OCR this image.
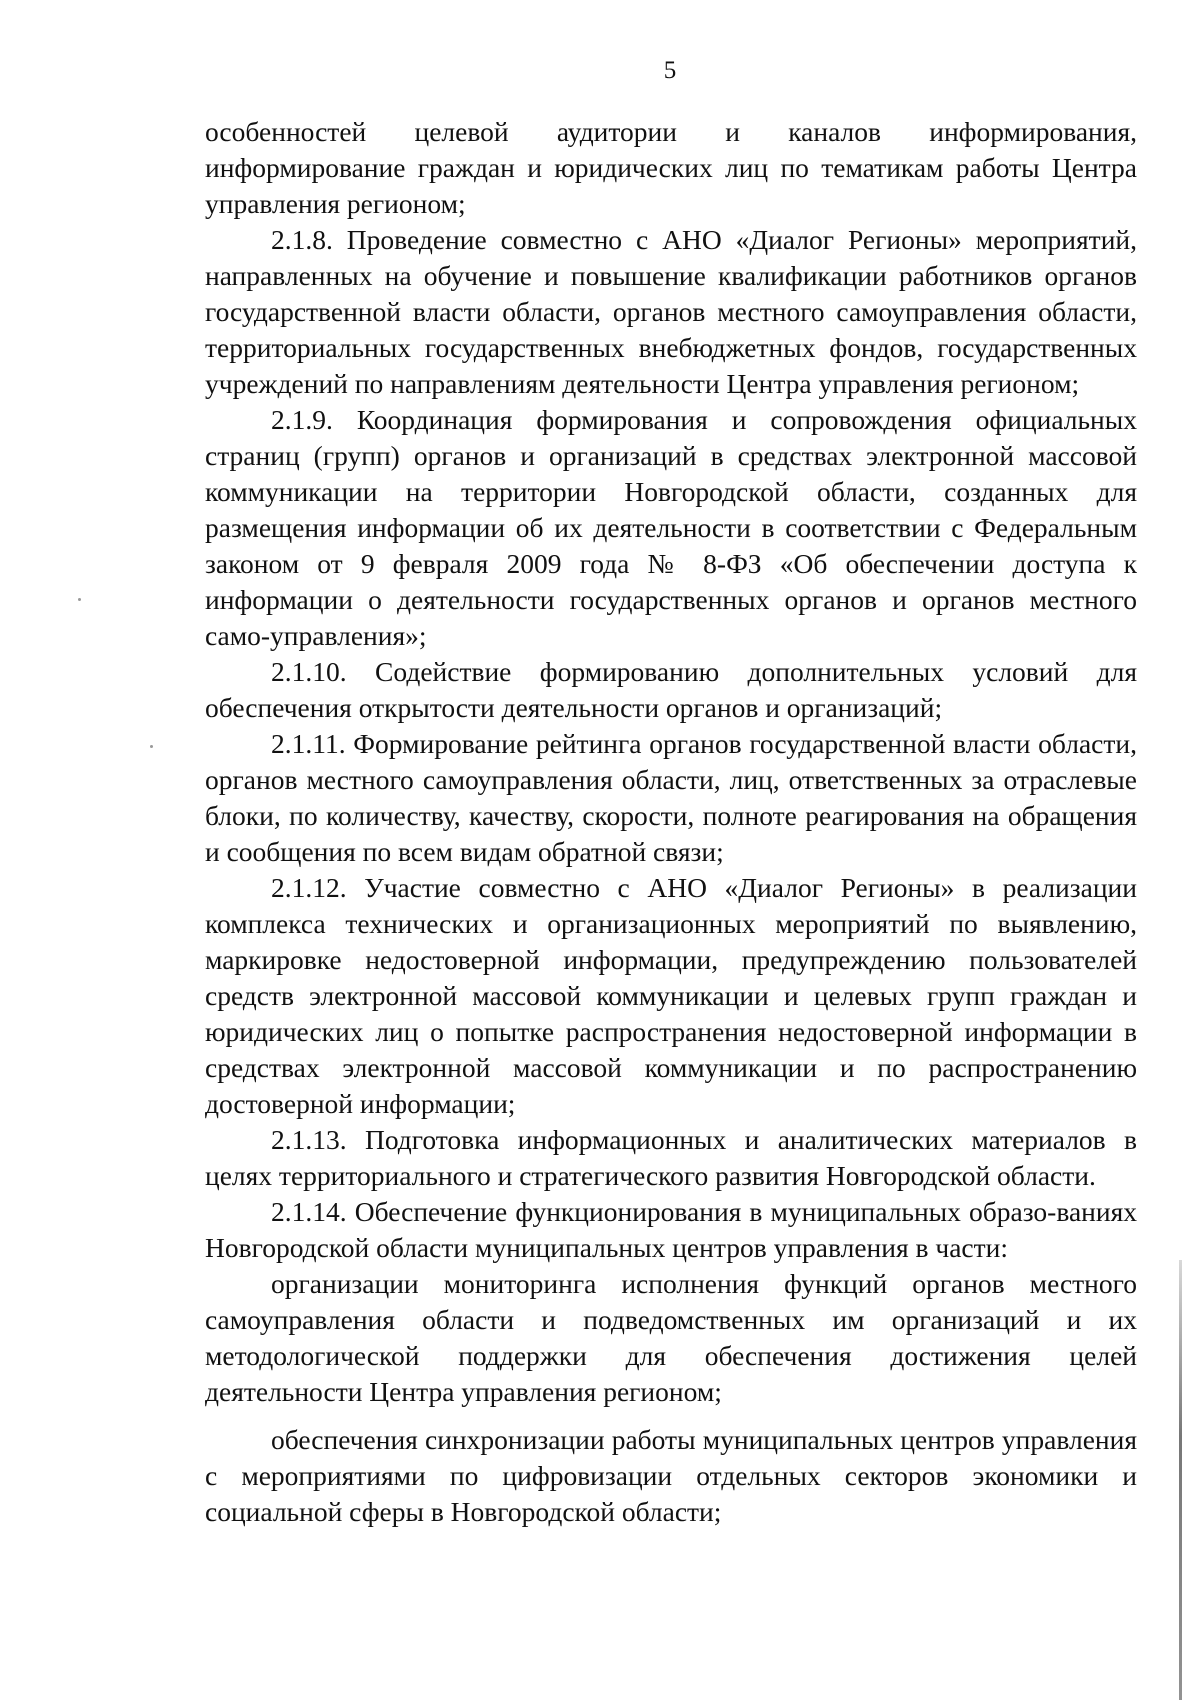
5

особенностей целевой аудитории и каналов информирования, информирование граждан и юридических лиц по тематикам работы Центра управления регионом;

2.1.8. Проведение совместно с АНО «Диалог Регионы» мероприятий, направленных на обучение и повышение квалификации работников органов государственной власти области, органов местного самоуправления области, территориальных государственных внебюджетных фондов, государственных учреждений по направлениям деятельности Центра управления регионом;

2.1.9. Координация формирования и сопровождения официальных страниц (групп) органов и организаций в средствах электронной массовой коммуникации на территории Новгородской области, созданных для размещения информации об их деятельности в соответствии с Федеральным законом от 9 февраля 2009 года № 8-ФЗ «Об обеспечении доступа к информации о деятельности государственных органов и органов местного само-управления»;

2.1.10. Содействие формированию дополнительных условий для обеспечения открытости деятельности органов и организаций;

2.1.11. Формирование рейтинга органов государственной власти области, органов местного самоуправления области, лиц, ответственных за отраслевые блоки, по количеству, качеству, скорости, полноте реагирования на обращения и сообщения по всем видам обратной связи;

2.1.12. Участие совместно с АНО «Диалог Регионы» в реализации комплекса технических и организационных мероприятий по выявлению, маркировке недостоверной информации, предупреждению пользователей средств электронной массовой коммуникации и целевых групп граждан и юридических лиц о попытке распространения недостоверной информации в средствах электронной массовой коммуникации и по распространению достоверной информации;

2.1.13. Подготовка информационных и аналитических материалов в целях территориального и стратегического развития Новгородской области.

2.1.14. Обеспечение функционирования в муниципальных образо-ваниях Новгородской области муниципальных центров управления в части:

организации мониторинга исполнения функций органов местного самоуправления области и подведомственных им организаций и их методологической поддержки для обеспечения достижения целей деятельности Центра управления регионом;

обеспечения синхронизации работы муниципальных центров управления с мероприятиями по цифровизации отдельных секторов экономики и социальной сферы в Новгородской области;
